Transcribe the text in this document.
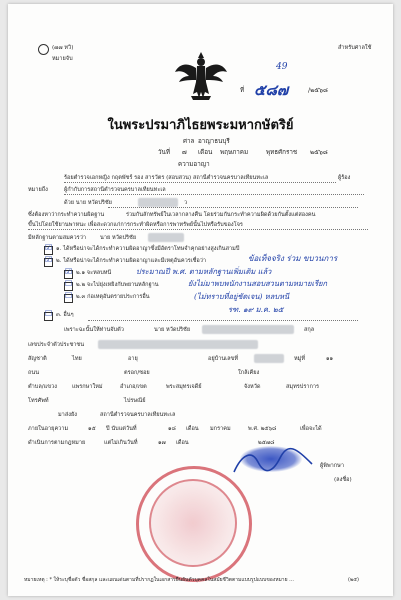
(๗๗ ทวิ)
หมายจับ
สำหรับศาลใช้
49
ที่ ๕๘๗	/๒๕๖๘
ในพระปรมาภิไธยพระมหากษัตริย์
ศาล อาญาธนบุรี
วันที่ ๗ เดือน พฤษภาคม	พุทธศักราช ๒๕๖๘
ความอาญา
ร้อยตำรวจเอกหญิง กฤตพัชร์ รอง สารวัตร (สอบสวน) สถานีตำรวจนครบาลเทียนทะเล	ผู้ร้อง
หมายถึง	ผู้กำกับการสถานีตำรวจนครบาลเทียนทะเล
ด้วย นาย หวัดปริชัย	ว
ซึ่งต้องหาว่ากระทำความผิดฐาน	ร่วมกันลักทรัพย์ในเวลากลางคืน โดยร่วมกันกระทำความผิดด้วยกันตั้งแต่สองคน
ขึ้นไปโดยใช้ยานพาหนะ เพื่อสะดวกแก่การกระทำผิดหรือการพาทรัพย์นั้นไปหรือรับของโจร
มีหลักฐานตามสมควรว่า	นาย หวัดปริชัย
☑ ๑. ได้หรือน่าจะได้กระทำความผิดอาญาซึ่งมีอัตราโทษจำคุกอย่างสูงเกินสามปี
☑ ๒. ได้หรือน่าจะได้กระทำความผิดอาญาและมีเหตุอันควรเชื่อว่า	ข้อเท็จจริง ร่วม ขบวนการ
☑ ๒.๑ จะหลบหนี	ประมาณปี พ.ศ. ตามหลักฐานเพิ่มเติม แล้ว
☐ ๒.๒ จะไปยุ่งเหยิงกับพยานหลักฐาน	ยังไม่มาพบพนักงานสอบสวนตามหมายเรียก
☐ ๒.๓ ก่อเหตุอันตรายประการอื่น	(ไม่ทราบที่อยู่ชัดเจน) หลบหนี
☐ ๓. อื่นๆ
รฑ. ๑๙ ม.ค. ๒๕
เพราะฉะนั้นให้ท่านจับตัว	นาย หวัดปริชัย	สกุล
เลขประจำตัวประชาชน
สัญชาติ	ไทย	อายุ	อยู่บ้านเลขที่	หมู่ที่	๑๑
ถนน	ตรอก/ซอย	ใกล้เคียง
ตำบล/แขวง	แพรกษาใหม่	อำเภอ/เขต	พระสมุทรเจดีย์	จังหวัด	สมุทรปราการ
โทรศัพท์	ไปรษณีย์
มาส่งยัง	สถานีตำรวจนครบาลเทียนทะเล
ภายในอายุความ	๑๕ ปี นับแต่วันที่	๑๘ เดือน มกราคม	พ.ศ. ๒๕๖๘	เพื่อจะได้
ดำเนินการตามกฎหมาย	แต่ไม่เกินวันที่	๑๗ เดือน	๒๕๗๘
ผู้พิพากษา
(ลงชื่อ)
หมายเหตุ : * ให้ระบุชื่อตัว ชื่อสกุล และแผนเด่นตามที่ปรากฏในเอกสารยืนยันตัวบุคคลในสมัยชีวิตตามแบบรูปแบบของหมาย ...	(๒๕)
